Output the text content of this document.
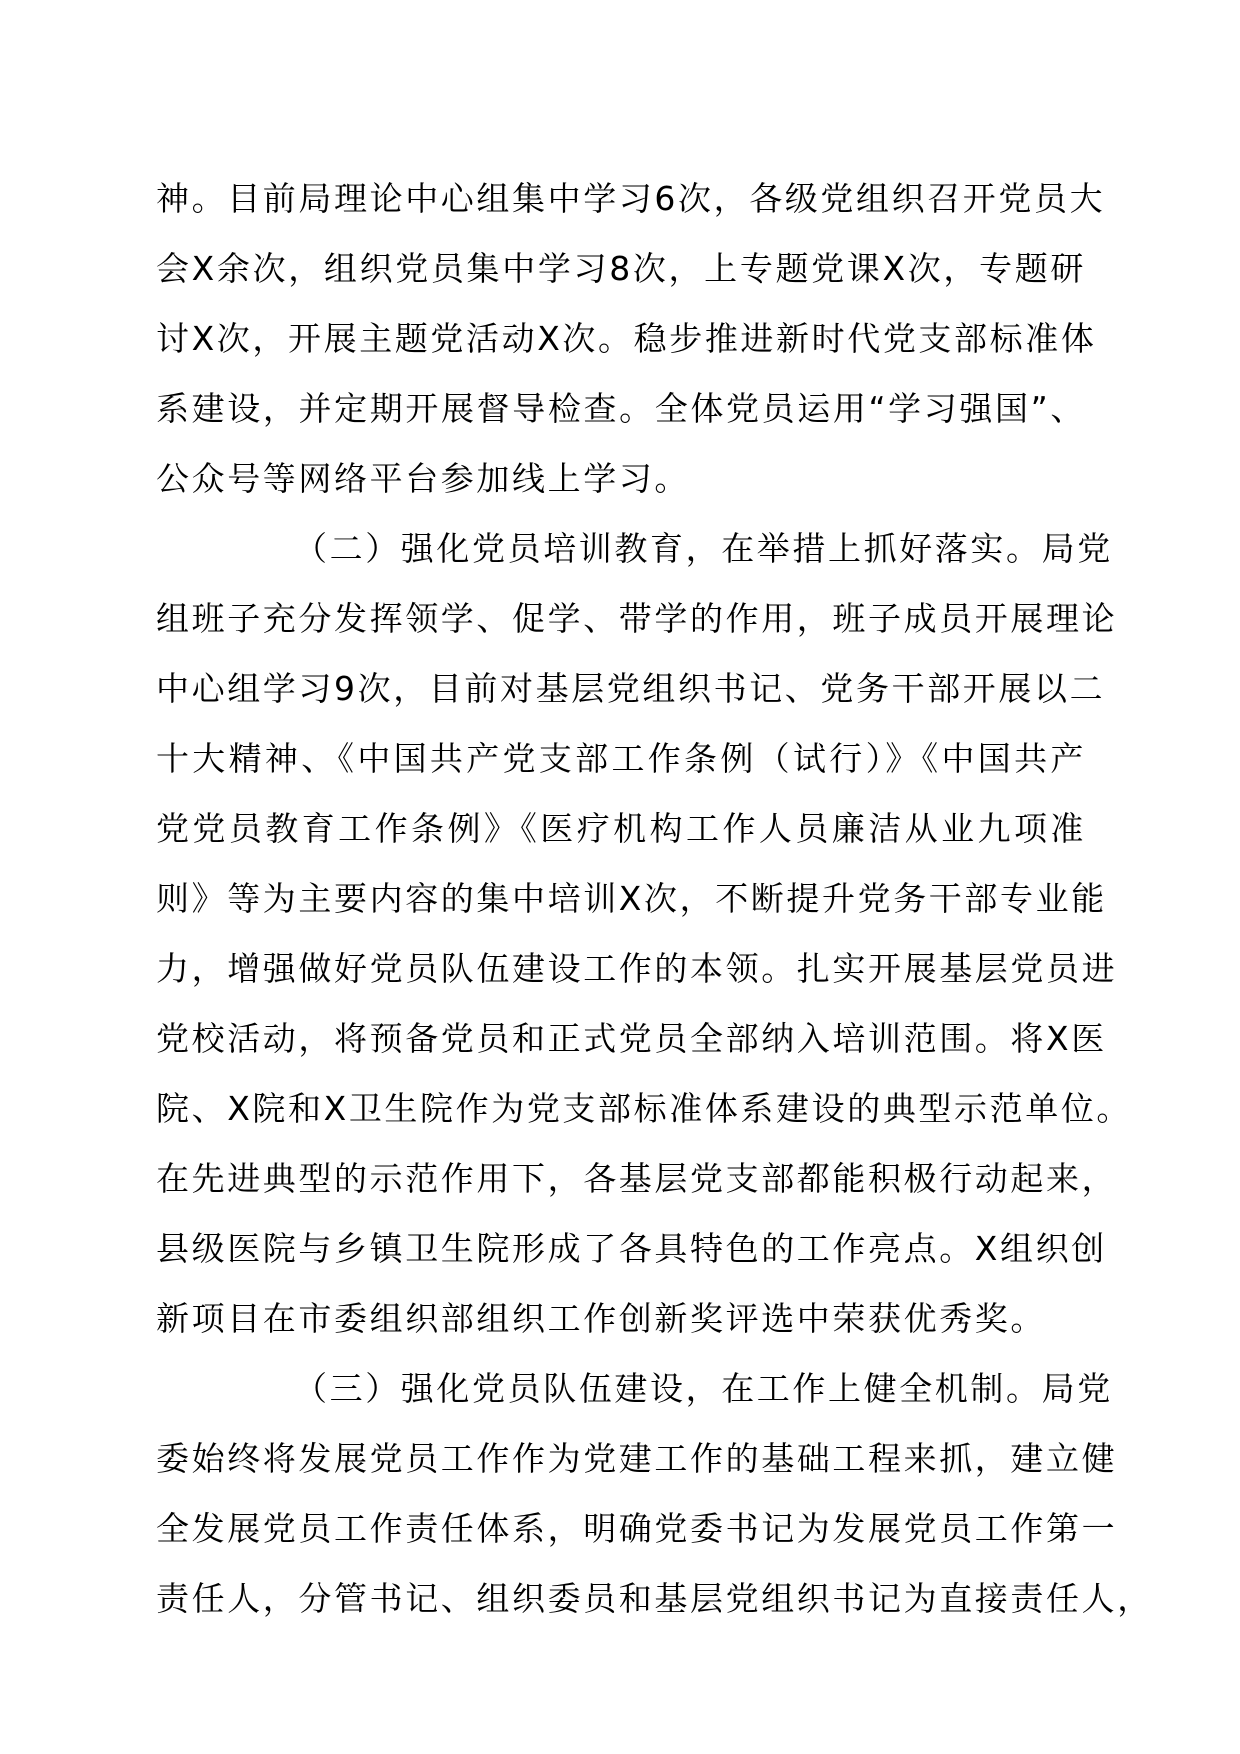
神。目前局理论中心组集中学习6次，各级党组织召开党员大
会X余次，组织党员集中学习8次，上专题党课X次，专题研
讨X次，开展主题党活动X次。稳步推进新时代党支部标准体
系建设，并定期开展督导检查。全体党员运用“学习强国”、
公众号等网络平台参加线上学习。
（二）强化党员培训教育，在举措上抓好落实。局党
组班子充分发挥领学、促学、带学的作用，班子成员开展理论
中心组学习9次，目前对基层党组织书记、党务干部开展以二
十大精神、《中国共产党支部工作条例（试行）》《中国共产
党党员教育工作条例》《医疗机构工作人员廉洁从业九项准
则》等为主要内容的集中培训X次，不断提升党务干部专业能
力，增强做好党员队伍建设工作的本领。扎实开展基层党员进
党校活动，将预备党员和正式党员全部纳入培训范围。将X医
院、X院和X卫生院作为党支部标准体系建设的典型示范单位。
在先进典型的示范作用下，各基层党支部都能积极行动起来，
县级医院与乡镇卫生院形成了各具特色的工作亮点。X组织创
新项目在市委组织部组织工作创新奖评选中荣获优秀奖。
（三）强化党员队伍建设，在工作上健全机制。局党
委始终将发展党员工作作为党建工作的基础工程来抓，建立健
全发展党员工作责任体系，明确党委书记为发展党员工作第一
责任人，分管书记、组织委员和基层党组织书记为直接责任人，
